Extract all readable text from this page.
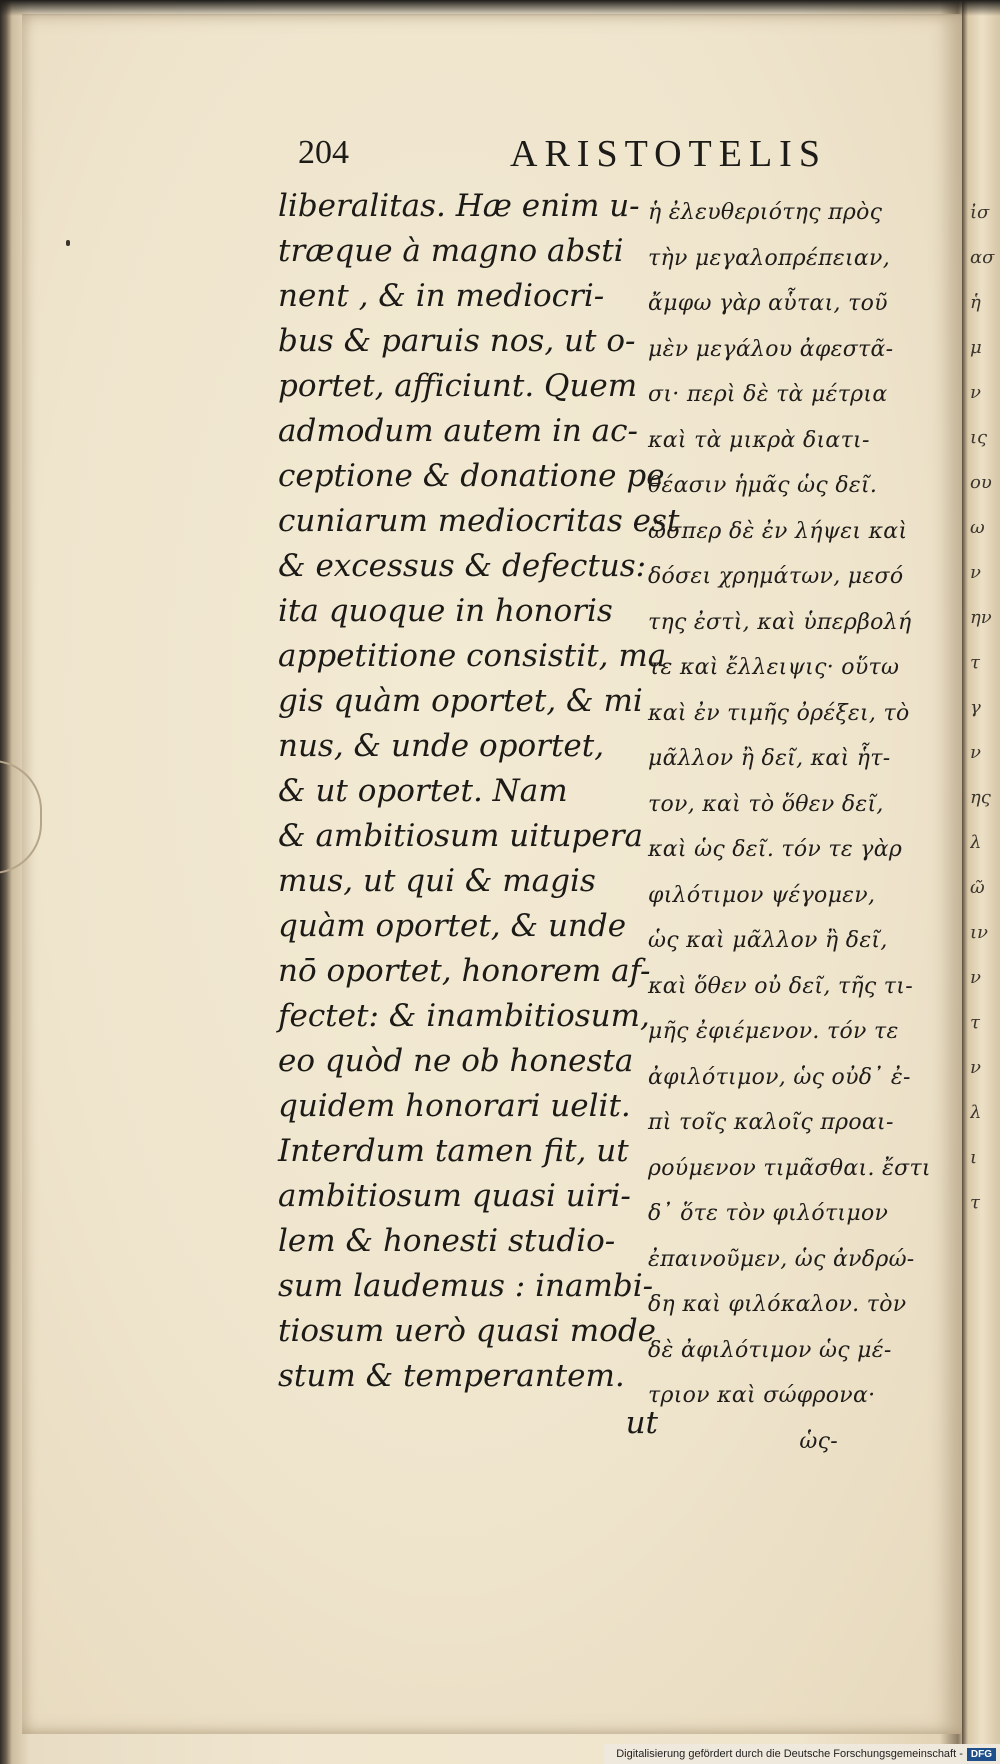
204	ARISTOTELIS
liberalitas. Hæ enim u-
træque à magno absti
nent , & in mediocri-
bus & paruis nos, ut o-
portet, afficiunt. Quem
admodum autem in ac-
ceptione & donatione pe
cuniarum mediocritas est
& excessus & defectus:
ita quoque in honoris
appetitione consistit, ma
gis quàm oportet, & mi
nus, & unde oportet,
& ut oportet. Nam
& ambitiosum uitupera
mus, ut qui & magis
quàm oportet, & unde
nō oportet, honorem af-
fectet: & inambitiosum,
eo quòd ne ob honesta
quidem honorari uelit.
Interdum tamen fit, ut
ambitiosum quasi uiri-
lem & honesti studio-
sum laudemus : inambi-
tiosum uerò quasi mode
stum & temperantem.
ut
ἡ ἐλευθεριότης πρὸς
τὴν μεγαλοπρέπειαν,
ἄμφω γὰρ αὗται, τοῦ
μὲν μεγάλου ἀφεστᾶ-
σι· περὶ δὲ τὰ μέτρια
καὶ τὰ μικρὰ διατι-
θέασιν ἡμᾶς ὡς δεῖ.
ὥσπερ δὲ ἐν λήψει καὶ
δόσει χρημάτων, μεσό
της ἐστὶ, καὶ ὑπερβολή
τε καὶ ἔλλειψις· οὕτω
καὶ ἐν τιμῆς ὀρέξει, τὸ
μᾶλλον ἢ δεῖ, καὶ ἧτ-
τον, καὶ τὸ ὅθεν δεῖ,
καὶ ὡς δεῖ. τόν τε γὰρ
φιλότιμον ψέγομεν,
ὡς καὶ μᾶλλον ἢ δεῖ,
καὶ ὅθεν οὐ δεῖ, τῆς τι-
μῆς ἐφιέμενον. τόν τε
ἀφιλότιμον, ὡς οὐδ᾽ ἐ-
πὶ τοῖς καλοῖς προαι-
ρούμενον τιμᾶσθαι. ἔστι
δ᾽ ὅτε τὸν φιλότιμον
ἐπαινοῦμεν, ὡς ἀνδρώ-
δη καὶ φιλόκαλον. τὸν
δὲ ἀφιλότιμον ὡς μέ-
τριον καὶ σώφρονα·
ὡς-
ἰσ
ασ
ἡ
μ
ν
ις
ου
ω
ν
ην
τ
γ
ν
ης
λ
ῶ
ιν
ν
τ
ν
λ
ι
τ
Digitalisierung gefördert durch die Deutsche Forschungsgemeinschaft - DFG
